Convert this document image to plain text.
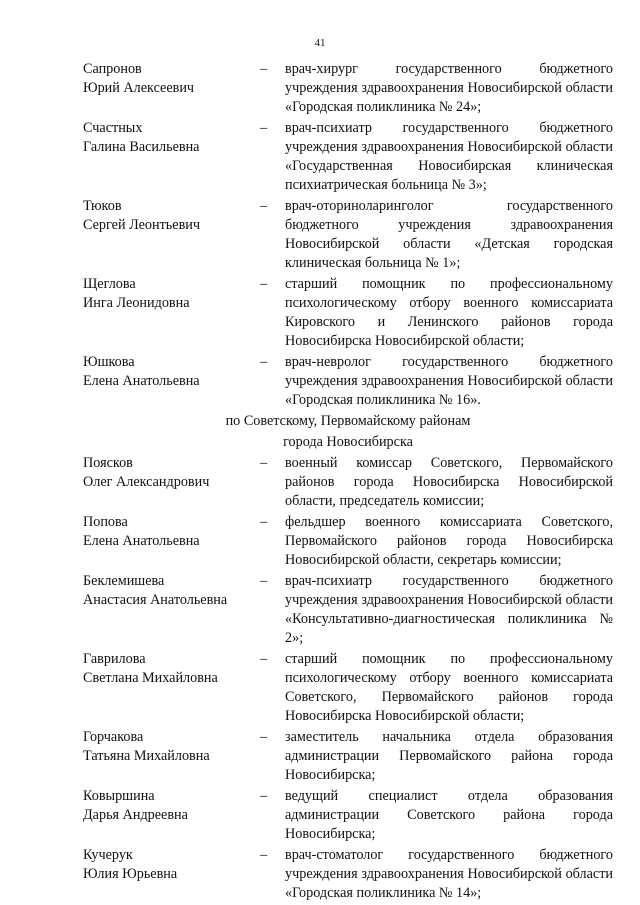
41
Сапронов
Юрий Алексеевич
–	врач-хирург государственного бюджетного учреждения здравоохранения Новосибирской области «Городская поликлиника № 24»;
Счастных
Галина Васильевна
–	врач-психиатр государственного бюджетного учреждения здравоохранения Новосибирской области «Государственная Новосибирская клиническая психиатрическая больница № 3»;
Тюков
Сергей Леонтьевич
–	врач-оториноларинголог государственного бюджетного учреждения здравоохранения Новосибирской области «Детская городская клиническая больница № 1»;
Щеглова
Инга Леонидовна
–	старший помощник по профессиональному психологическому отбору военного комиссариата Кировского и Ленинского районов города Новосибирска Новосибирской области;
Юшкова
Елена Анатольевна
–	врач-невролог государственного бюджетного учреждения здравоохранения Новосибирской области «Городская поликлиника № 16».
по Советскому, Первомайскому районам
города Новосибирска
Поясков
Олег Александрович
–	военный комиссар Советского, Первомайского районов города Новосибирска Новосибирской области, председатель комиссии;
Попова
Елена Анатольевна
–	фельдшер военного комиссариата Советского, Первомайского районов города Новосибирска Новосибирской области, секретарь комиссии;
Беклемишева
Анастасия Анатольевна
–	врач-психиатр государственного бюджетного учреждения здравоохранения Новосибирской области «Консультативно-диагностическая поликлиника № 2»;
Гаврилова
Светлана Михайловна
–	старший помощник по профессиональному психологическому отбору военного комиссариата Советского, Первомайского районов города Новосибирска Новосибирской области;
Горчакова
Татьяна Михайловна
–	заместитель начальника отдела образования администрации Первомайского района города Новосибирска;
Ковыршина
Дарья Андреевна
–	ведущий специалист отдела образования администрации Советского района города Новосибирска;
Кучерук
Юлия Юрьевна
–	врач-стоматолог государственного бюджетного учреждения здравоохранения Новосибирской области «Городская поликлиника № 14»;
